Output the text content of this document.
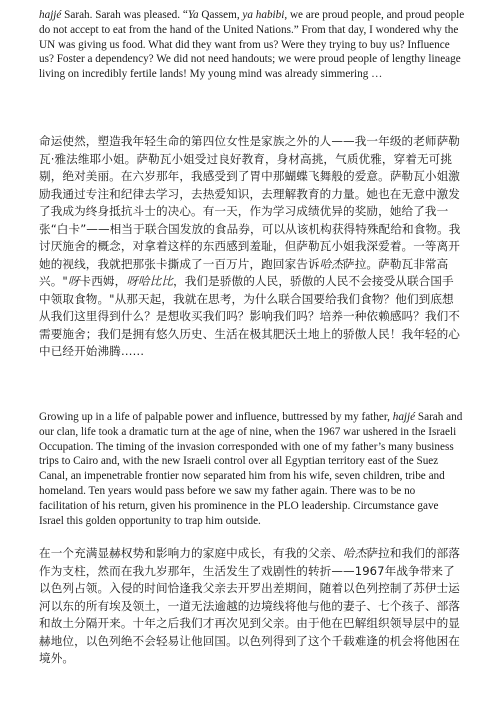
hajjé Sarah. Sarah was pleased. “Ya Qassem, ya habibi, we are proud people, and proud people do not accept to eat from the hand of the United Nations.” From that day, I wondered why the UN was giving us food. What did they want from us? Were they trying to buy us? Influence us? Foster a dependency? We did not need handouts; we were proud people of lengthy lineage living on incredibly fertile lands! My young mind was already simmering …

命运使然，塑造我年轻生命的第四位女性是家族之外的人——我一年级的老师萨勒瓦·雅法维耶小姐。萨勒瓦小姐受过良好教育，身材高挑，气质优雅，穿着无可挑剔，绝对美丽。在六岁那年，我感受到了胃中那蝴蝶飞舞般的爱意。萨勒瓦小姐激励我通过专注和纪律去学习，去热爱知识，去理解教育的力量。她也在无意中激发了我成为终身抵抗斗士的决心。有一天，作为学习成绩优异的奖励，她给了我一张“白卡”——相当于联合国发放的食品券，可以从该机构获得特殊配给和食物。我讨厌施舍的概念，对拿着这样的东西感到羞耻，但萨勒瓦小姐我深爱着。一等离开她的视线，我就把那张卡撕成了一百万片，跑回家告诉哈杰萨拉。萨勒瓦非常高兴。"呀卡西姆，呀哈比比，我们是骄傲的人民，骄傲的人民不会接受从联合国手中领取食物。"从那天起，我就在思考，为什么联合国要给我们食物？他们到底想从我们这里得到什么？是想收买我们吗？影响我们吗？培养一种依赖感吗？我们不需要施舍；我们是拥有悠久历史、生活在极其肥沃土地上的骄傲人民！我年轻的心中已经开始沸腾……

Growing up in a life of palpable power and influence, buttressed by my father, hajjé Sarah and our clan, life took a dramatic turn at the age of nine, when the 1967 war ushered in the Israeli Occupation. The timing of the invasion corresponded with one of my father’s many business trips to Cairo and, with the new Israeli control over all Egyptian territory east of the Suez Canal, an impenetrable frontier now separated him from his wife, seven children, tribe and homeland. Ten years would pass before we saw my father again. There was to be no facilitation of his return, given his prominence in the PLO leadership. Circumstance gave Israel this golden opportunity to trap him outside.

在一个充满显赫权势和影响力的家庭中成长，有我的父亲、哈杰萨拉和我们的部落作为支柱，然而在我九岁那年，生活发生了戏剧性的转折——1967年战争带来了以色列占领。入侵的时间恰逢我父亲去开罗出差期间，随着以色列控制了苏伊士运河以东的所有埃及领土，一道无法逾越的边境线将他与他的妻子、七个孩子、部落和故土分隔开来。十年之后我们才再次见到父亲。由于他在巴解组织领导层中的显赫地位，以色列绝不会轻易让他回国。以色列得到了这个千载难逢的机会将他困在境外。
